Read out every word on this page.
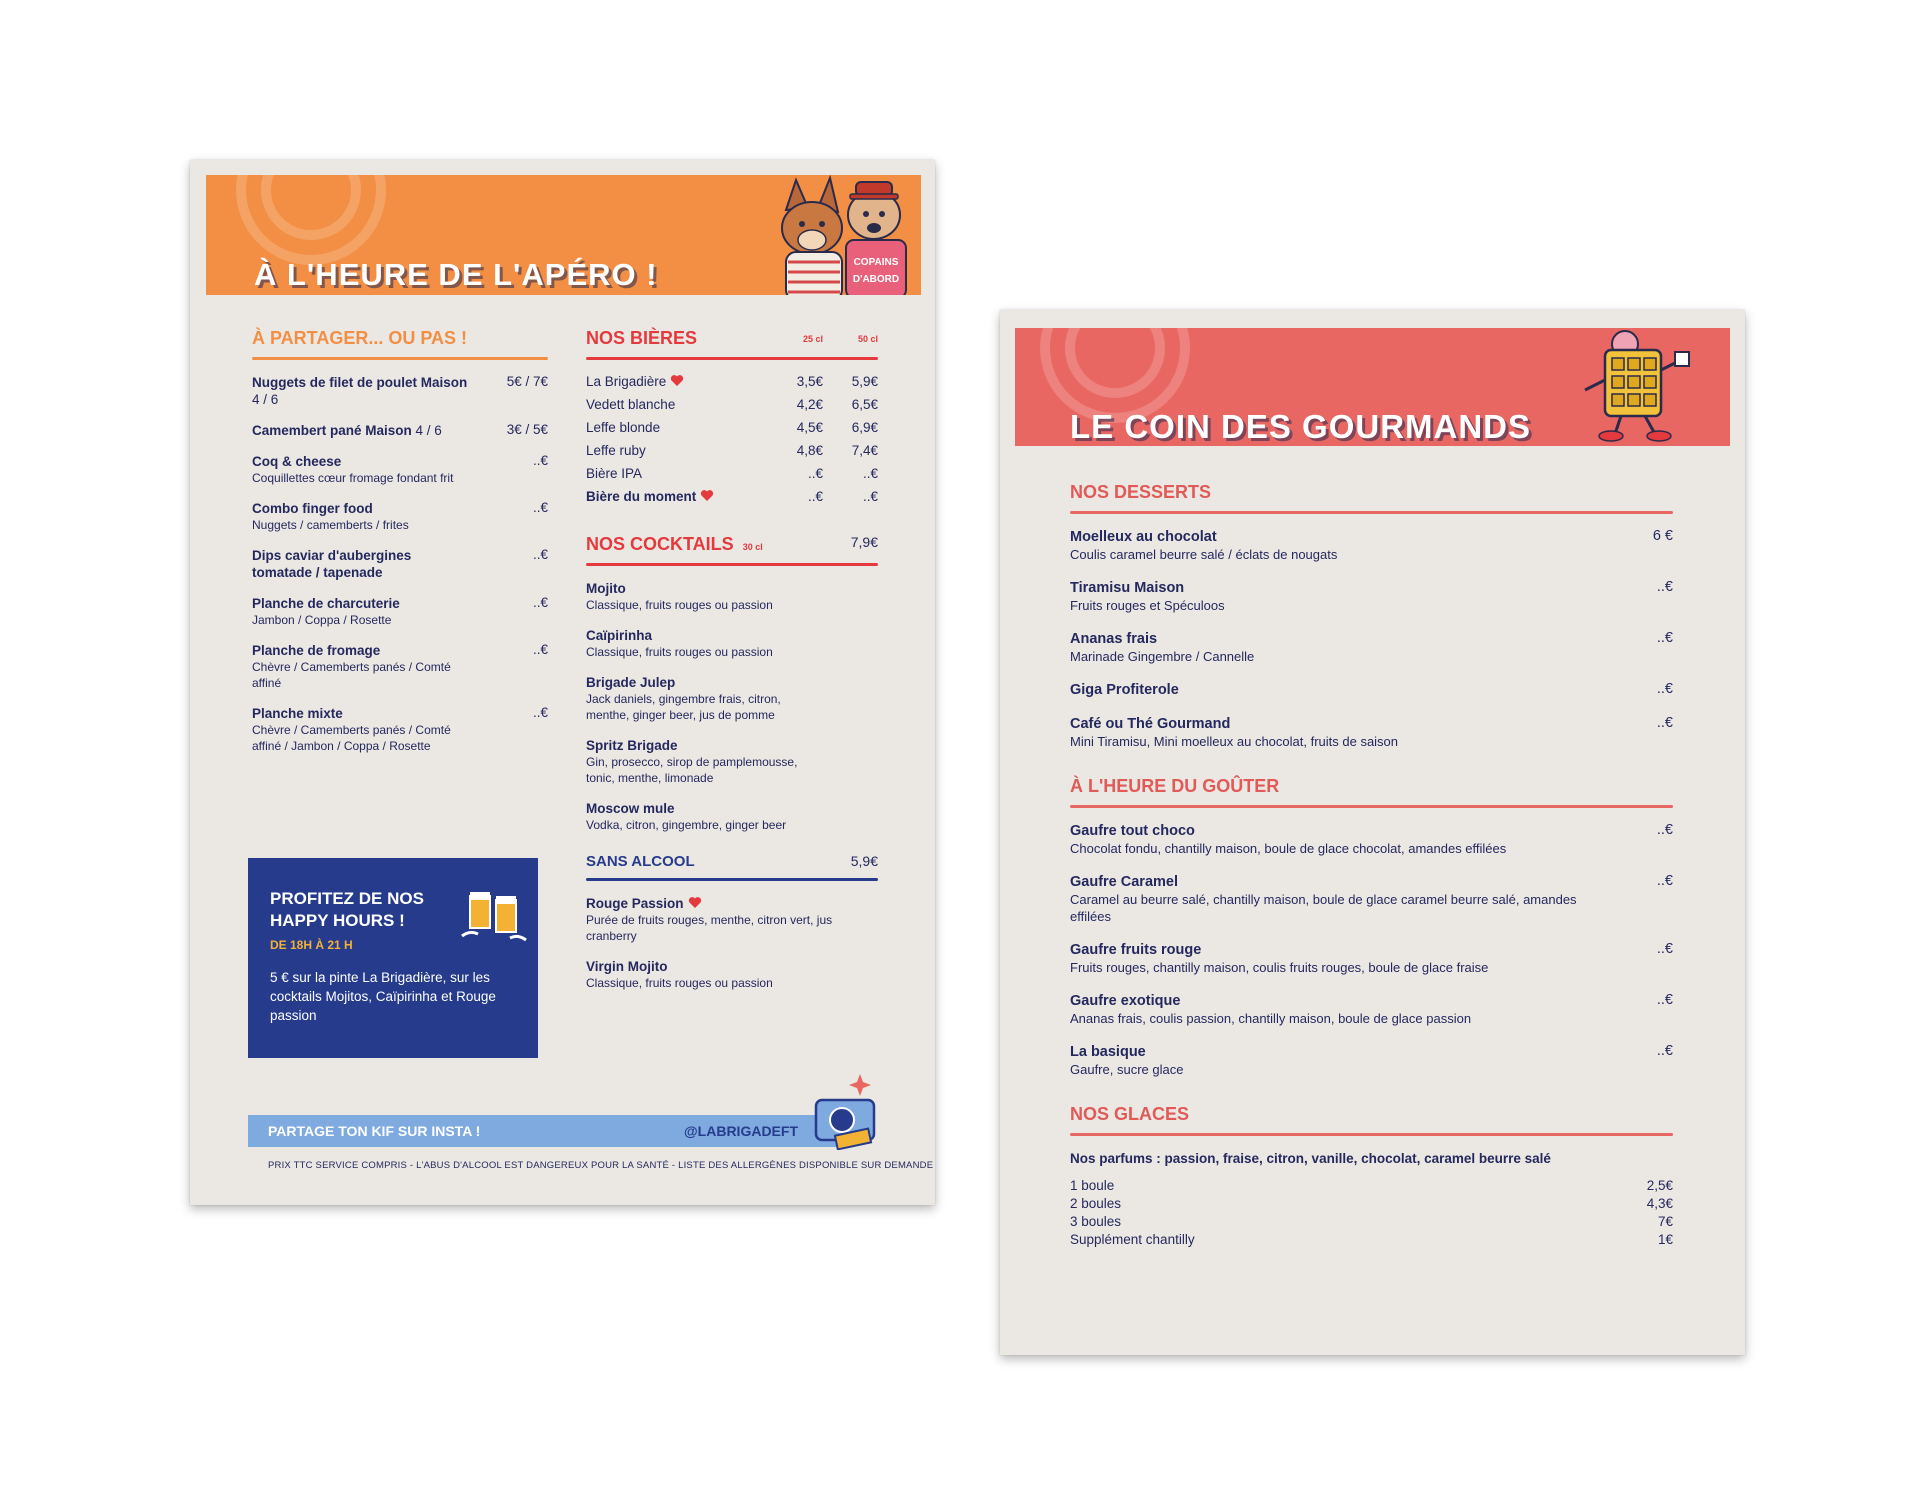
À L'HEURE DE L'APÉRO !	COPAINS
D'ABORD
À PARTAGER... OU PAS !
Nuggets de filet de poulet Maison 4 / 6
5€ / 7€
Camembert pané Maison 4 / 6	3€ / 5€
Coq & cheese
Coquillettes cœur fromage fondant frit
..€
Combo finger food
Nuggets / camemberts / frites
..€
Dips caviar d'aubergines tomatade / tapenade
..€
Planche de charcuterie
Jambon / Coppa / Rosette
..€
Planche de fromage
Chèvre / Camemberts panés / Comté affiné
..€
Planche mixte
Chèvre / Camemberts panés / Comté affiné / Jambon / Coppa / Rosette
..€
NOS BIÈRES	25 cl	50 cl
La Brigadière	3,5€ 5,9€
Vedett blanche	4,2€ 6,5€
Leffe blonde	4,5€ 6,9€
Leffe ruby	4,8€ 7,4€
Bière IPA	..€	..€
Bière du moment	..€	..€
NOS COCKTAILS 30 cl	7,9€
Mojito
Classique, fruits rouges ou passion
Caïpirinha
Classique, fruits rouges ou passion
Brigade Julep
Jack daniels, gingembre frais, citron, menthe, ginger beer, jus de pomme
Spritz Brigade
Gin, prosecco, sirop de pamplemousse, tonic, menthe, limonade
Moscow mule
Vodka, citron, gingembre, ginger beer
SANS ALCOOL	5,9€
Rouge Passion
Purée de fruits rouges, menthe, citron vert, jus cranberry
Virgin Mojito
Classique, fruits rouges ou passion
PROFITEZ DE NOS HAPPY HOURS !
DE 18H À 21 H
5 € sur la pinte La Brigadière, sur les cocktails Mojitos, Caïpirinha et Rouge passion
PARTAGE TON KIF SUR INSTA !	@LABRIGADEFT
PRIX TTC SERVICE COMPRIS - L'ABUS D'ALCOOL EST DANGEREUX POUR LA SANTÉ - LISTE DES ALLERGÈNES DISPONIBLE SUR DEMANDE
LE COIN DES GOURMANDS
NOS DESSERTS
Moelleux au chocolat
Coulis caramel beurre salé / éclats de nougats
6 €
Tiramisu Maison
Fruits rouges et Spéculoos
..€
Ananas frais
Marinade Gingembre / Cannelle
..€
Giga Profiterole	..€
Café ou Thé Gourmand
Mini Tiramisu, Mini moelleux au chocolat, fruits de saison
..€
À L'HEURE DU GOÛTER
Gaufre tout choco
Chocolat fondu, chantilly maison, boule de glace chocolat, amandes effilées
..€
Gaufre Caramel
Caramel au beurre salé, chantilly maison, boule de glace caramel beurre salé, amandes effilées
..€
Gaufre fruits rouge
Fruits rouges, chantilly maison, coulis fruits rouges, boule de glace fraise
..€
Gaufre exotique
Ananas frais, coulis passion, chantilly maison, boule de glace passion
..€
La basique
Gaufre, sucre glace
..€
NOS GLACES
Nos parfums : passion, fraise, citron, vanille, chocolat, caramel beurre salé
1 boule	2,5€
2 boules	4,3€
3 boules	7€
Supplément chantilly	1€
